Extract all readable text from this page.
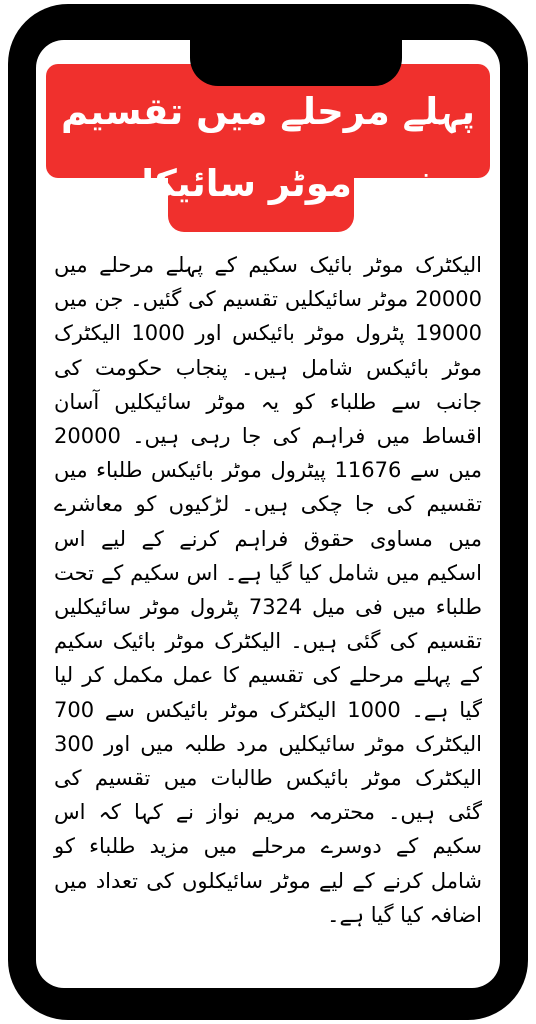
پہلے مرحلے میں تقسیم شدہ موٹر سائیکلیں

الیکٹرک موٹر بائیک سکیم کے پہلے مرحلے میں 20000 موٹر سائیکلیں تقسیم کی گئیں۔ جن میں 19000 پٹرول موٹر بائیکس اور 1000 الیکٹرک موٹر بائیکس شامل ہیں۔ پنجاب حکومت کی جانب سے طلباء کو یہ موٹر سائیکلیں آسان اقساط میں فراہم کی جا رہی ہیں۔ 20000 میں سے 11676 پیٹرول موٹر بائیکس طلباء میں تقسیم کی جا چکی ہیں۔ لڑکیوں کو معاشرے میں مساوی حقوق فراہم کرنے کے لیے اس اسکیم میں شامل کیا گیا ہے۔ اس سکیم کے تحت طلباء میں فی میل 7324 پٹرول موٹر سائیکلیں تقسیم کی گئی ہیں۔ الیکٹرک موٹر بائیک سکیم کے پہلے مرحلے کی تقسیم کا عمل مکمل کر لیا گیا ہے۔ 1000 الیکٹرک موٹر بائیکس سے 700 الیکٹرک موٹر سائیکلیں مرد طلبہ میں اور 300 الیکٹرک موٹر بائیکس طالبات میں تقسیم کی گئی ہیں۔ محترمہ مریم نواز نے کہا کہ اس سکیم کے دوسرے مرحلے میں مزید طلباء کو شامل کرنے کے لیے موٹر سائیکلوں کی تعداد میں اضافہ کیا گیا ہے۔
